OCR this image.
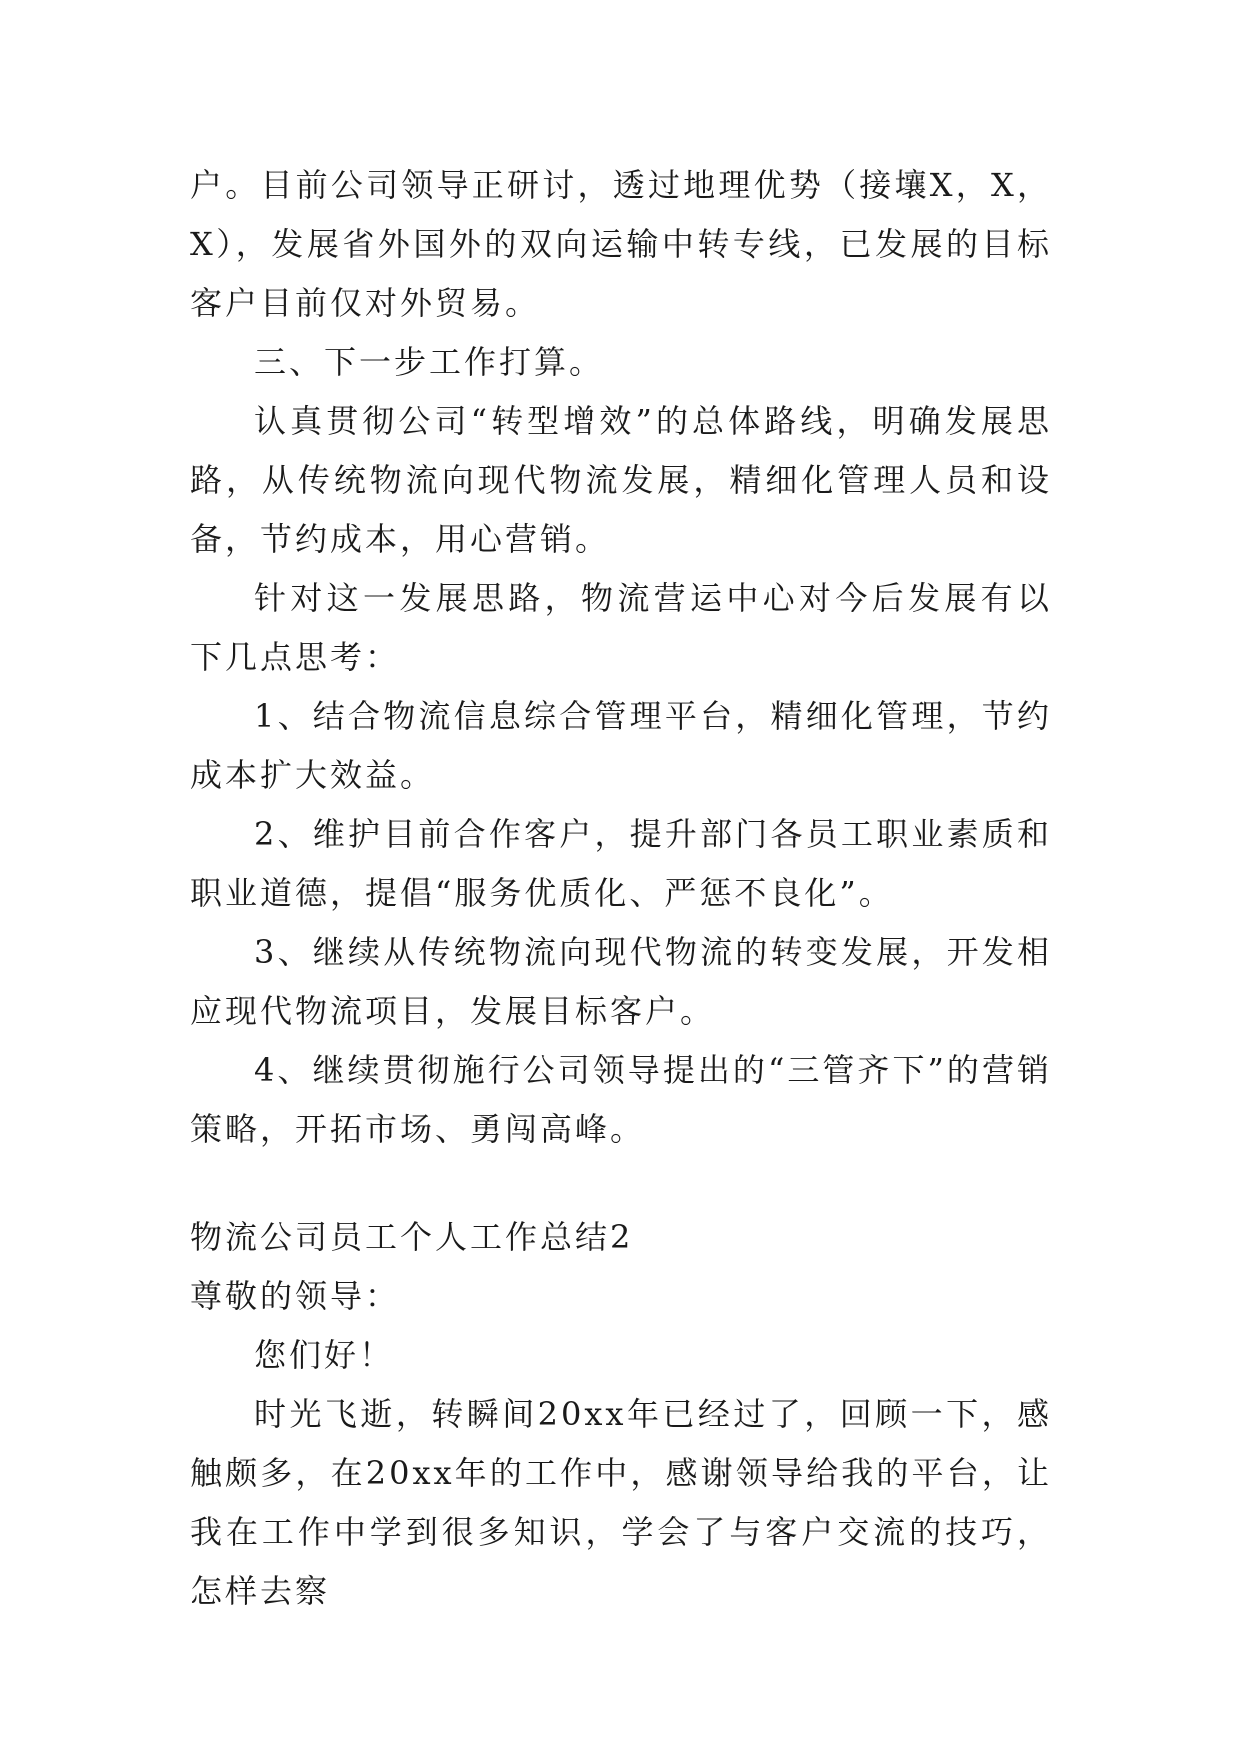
户。目前公司领导正研讨，透过地理优势（接壤X，X，X），发展省外国外的双向运输中转专线，已发展的目标客户目前仅对外贸易。

三、下一步工作打算。

认真贯彻公司“转型增效”的总体路线，明确发展思路，从传统物流向现代物流发展，精细化管理人员和设备，节约成本，用心营销。

针对这一发展思路，物流营运中心对今后发展有以下几点思考：

1、结合物流信息综合管理平台，精细化管理，节约成本扩大效益。

2、维护目前合作客户，提升部门各员工职业素质和职业道德，提倡“服务优质化、严惩不良化”。

3、继续从传统物流向现代物流的转变发展，开发相应现代物流项目，发展目标客户。

4、继续贯彻施行公司领导提出的“三管齐下”的营销策略，开拓市场、勇闯高峰。

物流公司员工个人工作总结2

尊敬的领导：

您们好！

时光飞逝，转瞬间20xx年已经过了，回顾一下，感触颇多，在20xx年的工作中，感谢领导给我的平台，让我在工作中学到很多知识，学会了与客户交流的技巧，怎样去察
